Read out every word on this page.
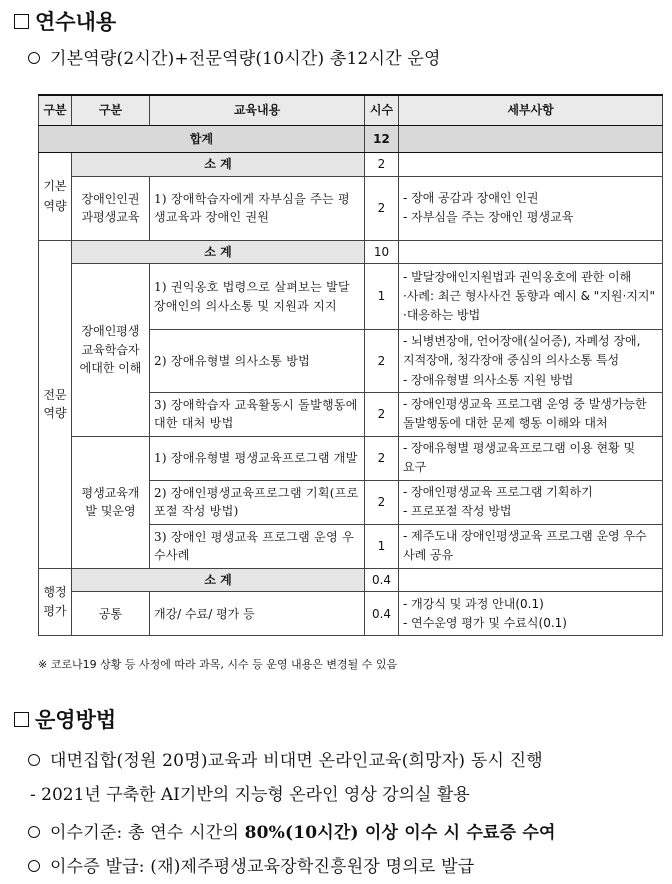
연수내용
기본역량(2시간)+전문역량(10시간) 총12시간 운영
구분	구분	교육내용	시수	세부사항
합계			12	
기본역량	소 계		2	
	장애인인권과평생교육	1) 장애학습자에게 자부심을 주는 평생교육과 장애인 권원	2	- 장애 공감과 장애인 인권
- 자부심을 주는 장애인 평생교육

전문역량	소 계		10	
	장애인평생교육학습자에대한 이해	1) 권익옹호 법령으로 살펴보는 발달장애인의 의사소통 및 지원과 지지	1	- 발달장애인지원법과 권익옹호에 관한 이해
·사례: 최근 형사사건 동향과 예시 & "지원·지지"
·대응하는 방법

		2) 장애유형별 의사소통 방법	2	- 뇌병변장애, 언어장애(실어증), 자폐성 장애,
지적장애, 청각장애 중심의 의사소통 특성
- 장애유형별 의사소통 지원 방법

		3) 장애학습자 교육활동시 돌발행동에 대한 대처 방법	2	- 장애인평생교육 프로그램 운영 중 발생가능한
돌발행동에 대한 문제 행동 이해와 대처

	평생교육개발 및운영	1) 장애유형별 평생교육프로그램 개발	2	- 장애유형별 평생교육프로그램 이용 현황 및
요구

		2) 장애인평생교육프로그램 기획(프로포절 작성 방법)	2	- 장애인평생교육 프로그램 기획하기
- 프로포절 작성 방법

		3) 장애인 평생교육 프로그램 운영 우수사례	1	- 제주도내 장애인평생교육 프로그램 운영 우수
사례 공유

행정평가	소 계		0.4	
	공통	개강/ 수료/ 평가 등	0.4	- 개강식 및 과정 안내(0.1)
- 연수운영 평가 및 수료식(0.1)
※ 코로나19 상황 등 사정에 따라 과목, 시수 등 운영 내용은 변경될 수 있음
운영방법
대면집합(정원 20명)교육과 비대면 온라인교육(희망자) 동시 진행
- 2021년 구축한 AI기반의 지능형 온라인 영상 강의실 활용
이수기준: 총 연수 시간의 80%(10시간) 이상 이수 시 수료증 수여
이수증 발급: (재)제주평생교육장학진흥원장 명의로 발급
